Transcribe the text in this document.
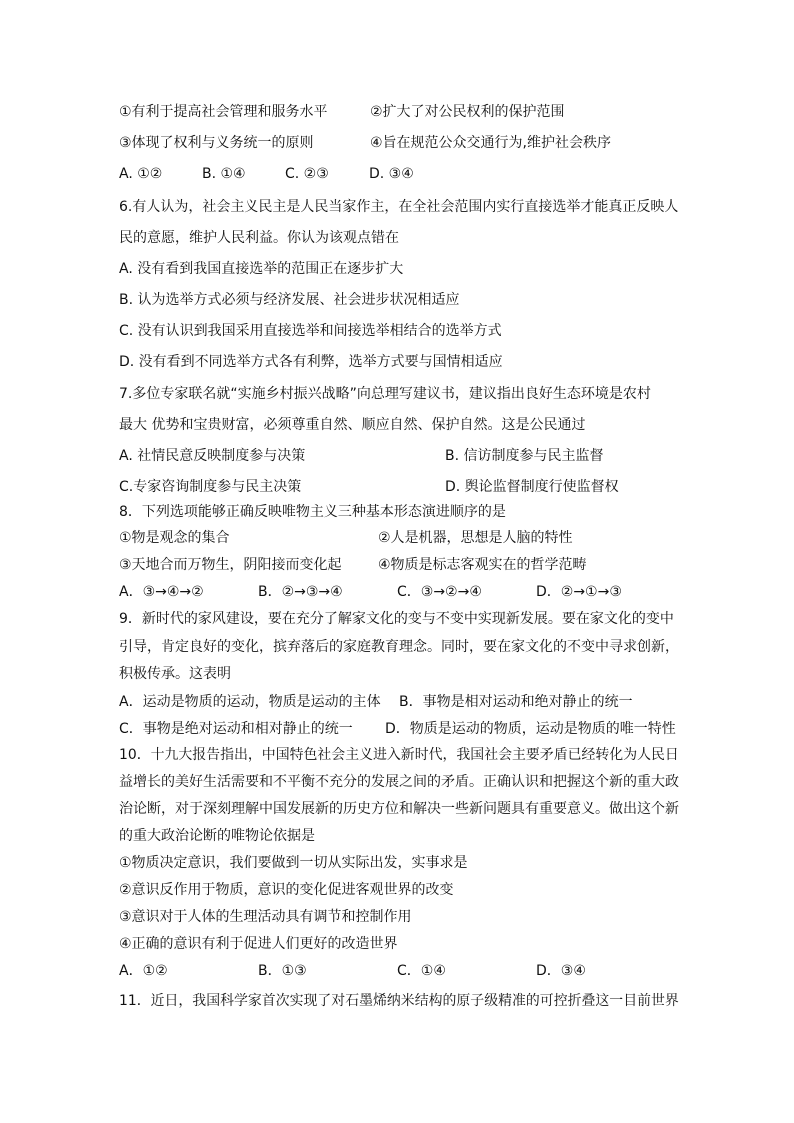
①有利于提高社会管理和服务水平	②扩大了对公民权利的保护范围
③体现了权利与义务统一的原则	④旨在规范公众交通行为,维护社会秩序
A. ①②	B. ①④	C. ②③	D. ③④
6.有人认为，社会主义民主是人民当家作主，在全社会范围内实行直接选举才能真正反映人
民的意愿，维护人民利益。你认为该观点错在
A. 没有看到我国直接选举的范围正在逐步扩大
B. 认为选举方式必须与经济发展、社会进步状况相适应
C. 没有认识到我国采用直接选举和间接选举相结合的选举方式
D. 没有看到不同选举方式各有利弊，选举方式要与国情相适应
7.多位专家联名就“实施乡村振兴战略”向总理写建议书，建议指出良好生态环境是农村
最大 优势和宝贵财富，必须尊重自然、顺应自然、保护自然。这是公民通过
A. 社情民意反映制度参与决策	B. 信访制度参与民主监督
C.专家咨询制度参与民主决策	D. 舆论监督制度行使监督权
8．下列选项能够正确反映唯物主义三种基本形态演进顺序的是
①物是观念的集合	②人是机器，思想是人脑的特性
③天地合而万物生，阴阳接而变化起	④物质是标志客观实在的哲学范畴
A．③→④→②	B．②→③→④	C．③→②→④	D．②→①→③
9．新时代的家风建设，要在充分了解家文化的变与不变中实现新发展。要在家文化的变中
引导，肯定良好的变化，摈弃落后的家庭教育理念。同时，要在家文化的不变中寻求创新，
积极传承。这表明
A．运动是物质的运动，物质是运动的主体 B．事物是相对运动和绝对静止的统一
C．事物是绝对运动和相对静止的统一 D．物质是运动的物质，运动是物质的唯一特性
10．十九大报告指出，中国特色社会主义进入新时代，我国社会主要矛盾已经转化为人民日
益增长的美好生活需要和不平衡不充分的发展之间的矛盾。正确认识和把握这个新的重大政
治论断，对于深刻理解中国发展新的历史方位和解决一些新问题具有重要意义。做出这个新
的重大政治论断的唯物论依据是
①物质决定意识，我们要做到一切从实际出发，实事求是
②意识反作用于物质，意识的变化促进客观世界的改变
③意识对于人体的生理活动具有调节和控制作用
④正确的意识有利于促进人们更好的改造世界
A．①②	B．①③	C．①④	D．③④
11．近日，我国科学家首次实现了对石墨烯纳米结构的原子级精准的可控折叠这一目前世界
